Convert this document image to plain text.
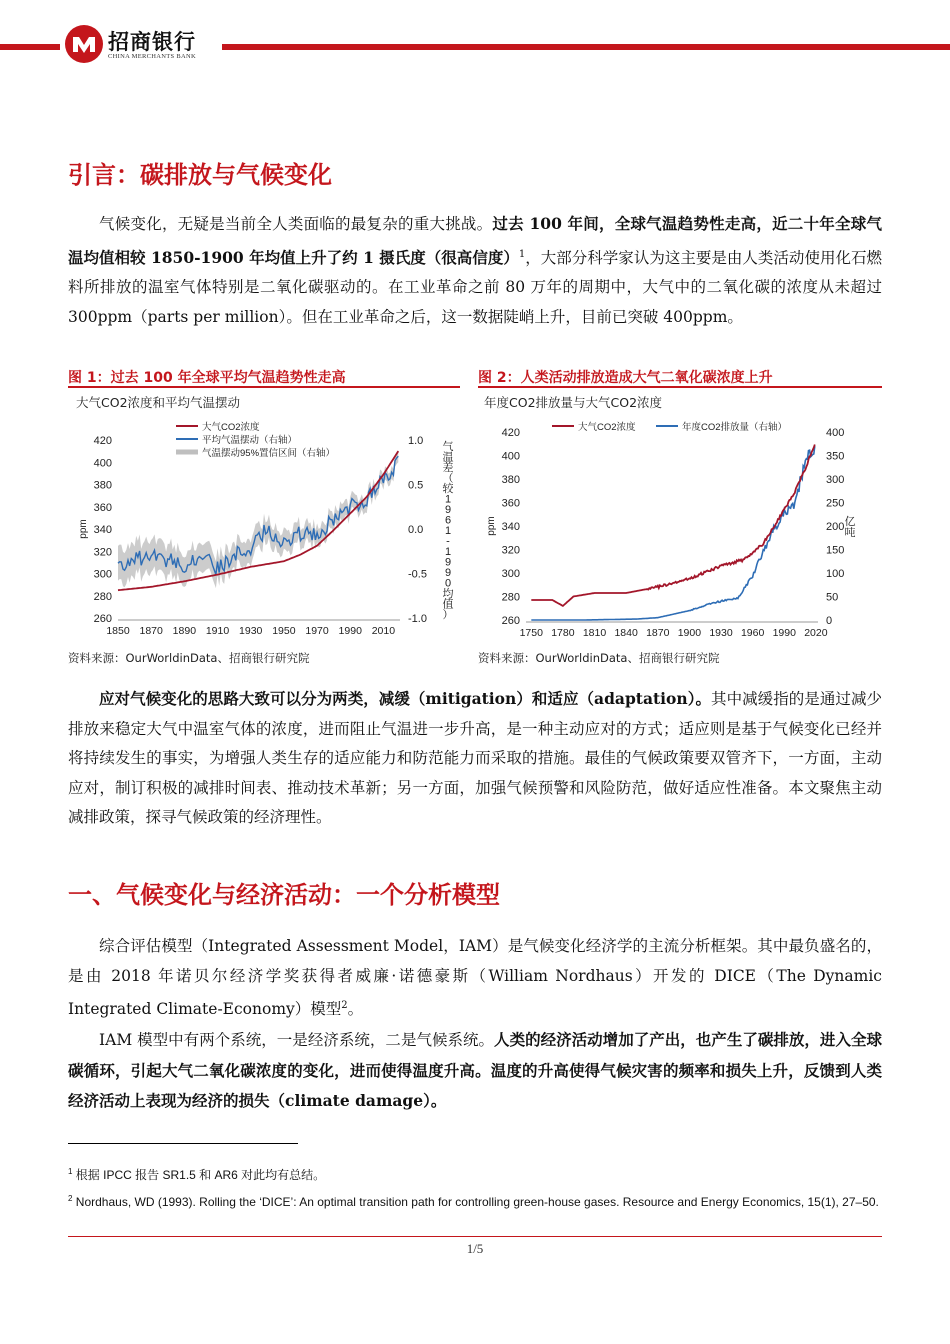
招商银行
CHINA MERCHANTS BANK
引言：碳排放与气候变化

气候变化，无疑是当前全人类面临的最复杂的重大挑战。过去 100 年间，全球气温趋势性走高，近二十年全球气温均值相较 1850-1900 年均值上升了约 1 摄氏度（很高信度）$^1$，大部分科学家认为这主要是由人类活动使用化石燃料所排放的温室气体特别是二氧化碳驱动的。在工业革命之前 80 万年的周期中，大气中的二氧化碳的浓度从未超过 300ppm（parts per million）。但在工业革命之后，这一数据陡峭上升，目前已突破 400ppm。

图 1：过去 100 年全球平均气温趋势性走高
大气CO2浓度和平均气温摆动
420
400
380
360
340
320
300
280
260
1.0
0.5
0.0
-0.5
-1.0
1850 1870 1890 1910 1930 1950 1970 1990 2010
ppm
气温差（较 1 9 6 1 -1 9 9 0 均值）
大气CO2浓度
平均气温摆动（右轴）
气温摆动95%置信区间（右轴）
资料来源：OurWorldinData、招商银行研究院
图 2：人类活动排放造成大气二氧化碳浓度上升
年度CO2排放量与大气CO2浓度
420
400
380
360
340
320
300
280
260
400
350
300
250
200
150
100
50
0
1750 1780 1810 1840 1870 1900 1930 1960 1990 2020
ppm	亿吨
大气CO2浓度	年度CO2排放量（右轴）
资料来源：OurWorldinData、招商银行研究院

应对气候变化的思路大致可以分为两类，减缓（mitigation）和适应（adaptation）。其中减缓指的是通过减少排放来稳定大气中温室气体的浓度，进而阻止气温进一步升高，是一种主动应对的方式；适应则是基于气候变化已经并将持续发生的事实，为增强人类生存的适应能力和防范能力而采取的措施。最佳的气候政策要双管齐下，一方面，主动应对，制订积极的减排时间表、推动技术革新；另一方面，加强气候预警和风险防范，做好适应性准备。本文聚焦主动减排政策，探寻气候政策的经济理性。

一、气候变化与经济活动：一个分析模型

综合评估模型（Integrated Assessment Model，IAM）是气候变化经济学的主流分析框架。其中最负盛名的，是由 2018 年诺贝尔经济学奖获得者威廉·诺德豪斯（William Nordhaus）开发的 DICE（The Dynamic Integrated Climate-Economy）模型$^2$。

IAM 模型中有两个系统，一是经济系统，二是气候系统。人类的经济活动增加了产出，也产生了碳排放，进入全球碳循环，引起大气二氧化碳浓度的变化，进而使得温度升高。温度的升高使得气候灾害的频率和损失上升，反馈到人类经济活动上表现为经济的损失（climate damage）。

$^1$ 根据 IPCC 报告 SR1.5 和 AR6 对此均有总结。
$^2$ Nordhaus, WD (1993). Rolling the ‘DICE’: An optimal transition path for controlling green-house gases. Resource and Energy Economics, 15(1), 27–50.
1/5
